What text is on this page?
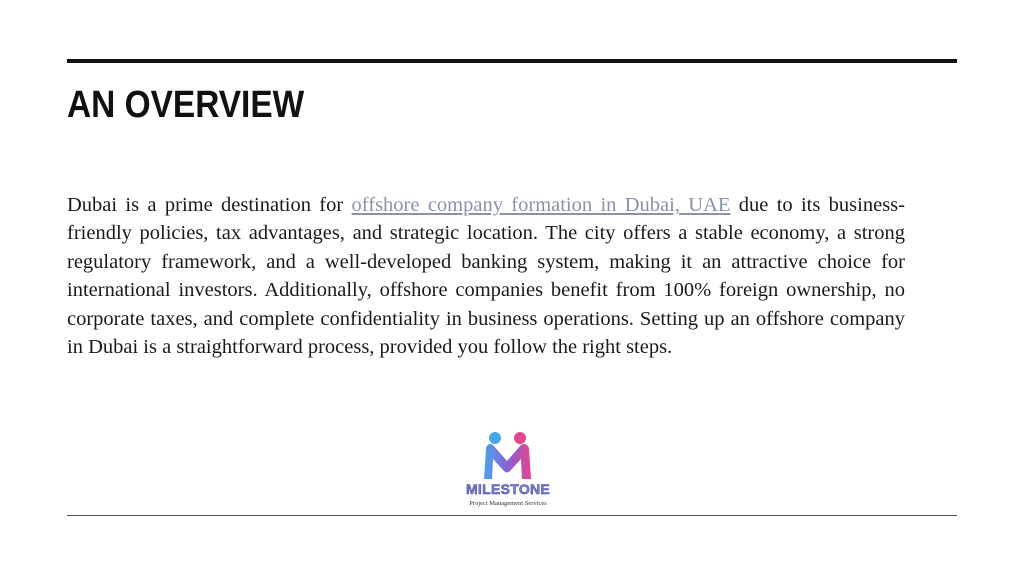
AN OVERVIEW

Dubai is a prime destination for offshore company formation in Dubai, UAE due to its business-friendly policies, tax advantages, and strategic location. The city offers a stable economy, a strong regulatory framework, and a well-developed banking system, making it an attractive choice for international investors. Additionally, offshore companies benefit from 100% foreign ownership, no corporate taxes, and complete confidentiality in business operations. Setting up an offshore company in Dubai is a straightforward process, provided you follow the right steps.

MILESTONE
Project Management Services
